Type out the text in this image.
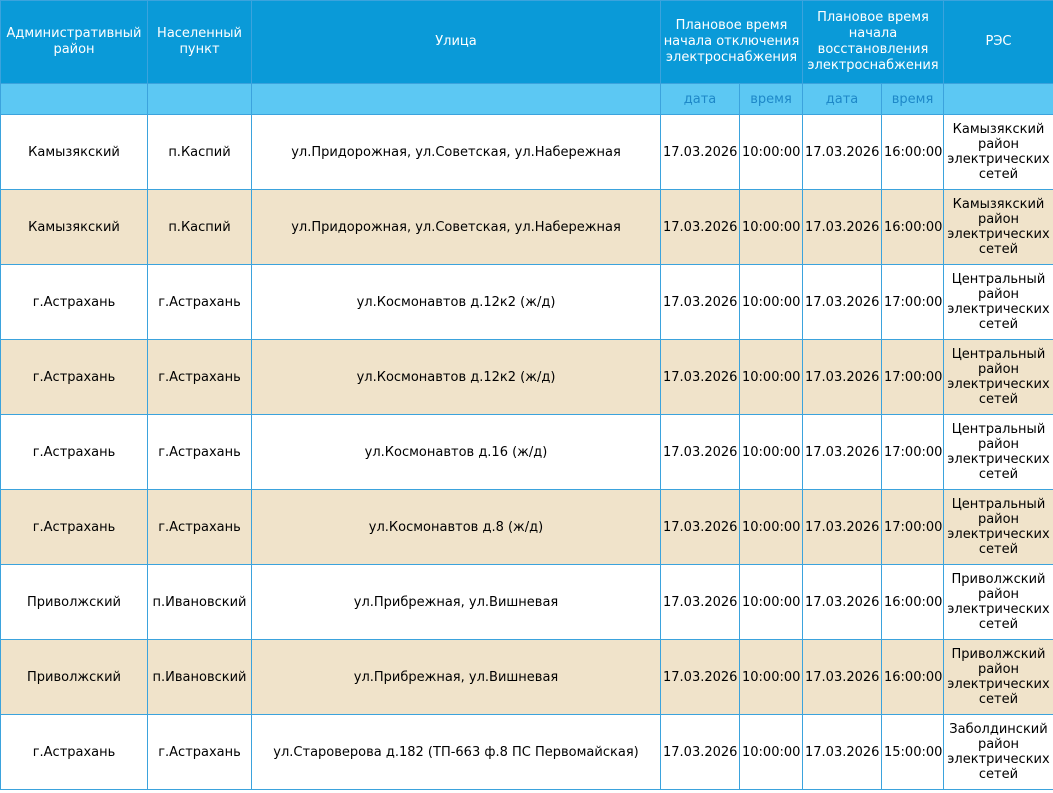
Административный район	Населенный пункт	Улица	Плановое время начала отключения электроснабжения		Плановое время начала восстановления электроснабжения		РЭС
			дата	время	дата	время	
Камызякский	п.Каспий	ул.Придорожная, ул.Советская, ул.Набережная	17.03.2026	10:00:00	17.03.2026	16:00:00	Камызякский район электрических сетей
Камызякский	п.Каспий	ул.Придорожная, ул.Советская, ул.Набережная	17.03.2026	10:00:00	17.03.2026	16:00:00	Камызякский район электрических сетей
г.Астрахань	г.Астрахань	ул.Космонавтов д.12к2 (ж/д)	17.03.2026	10:00:00	17.03.2026	17:00:00	Центральный район электрических сетей
г.Астрахань	г.Астрахань	ул.Космонавтов д.12к2 (ж/д)	17.03.2026	10:00:00	17.03.2026	17:00:00	Центральный район электрических сетей
г.Астрахань	г.Астрахань	ул.Космонавтов д.16 (ж/д)	17.03.2026	10:00:00	17.03.2026	17:00:00	Центральный район электрических сетей
г.Астрахань	г.Астрахань	ул.Космонавтов д.8 (ж/д)	17.03.2026	10:00:00	17.03.2026	17:00:00	Центральный район электрических сетей
Приволжский	п.Ивановский	ул.Прибрежная, ул.Вишневая	17.03.2026	10:00:00	17.03.2026	16:00:00	Приволжский район электрических сетей
Приволжский	п.Ивановский	ул.Прибрежная, ул.Вишневая	17.03.2026	10:00:00	17.03.2026	16:00:00	Приволжский район электрических сетей
г.Астрахань	г.Астрахань	ул.Староверова д.182 (ТП-663 ф.8 ПС Первомайская)	17.03.2026	10:00:00	17.03.2026	15:00:00	Заболдинский район электрических сетей
